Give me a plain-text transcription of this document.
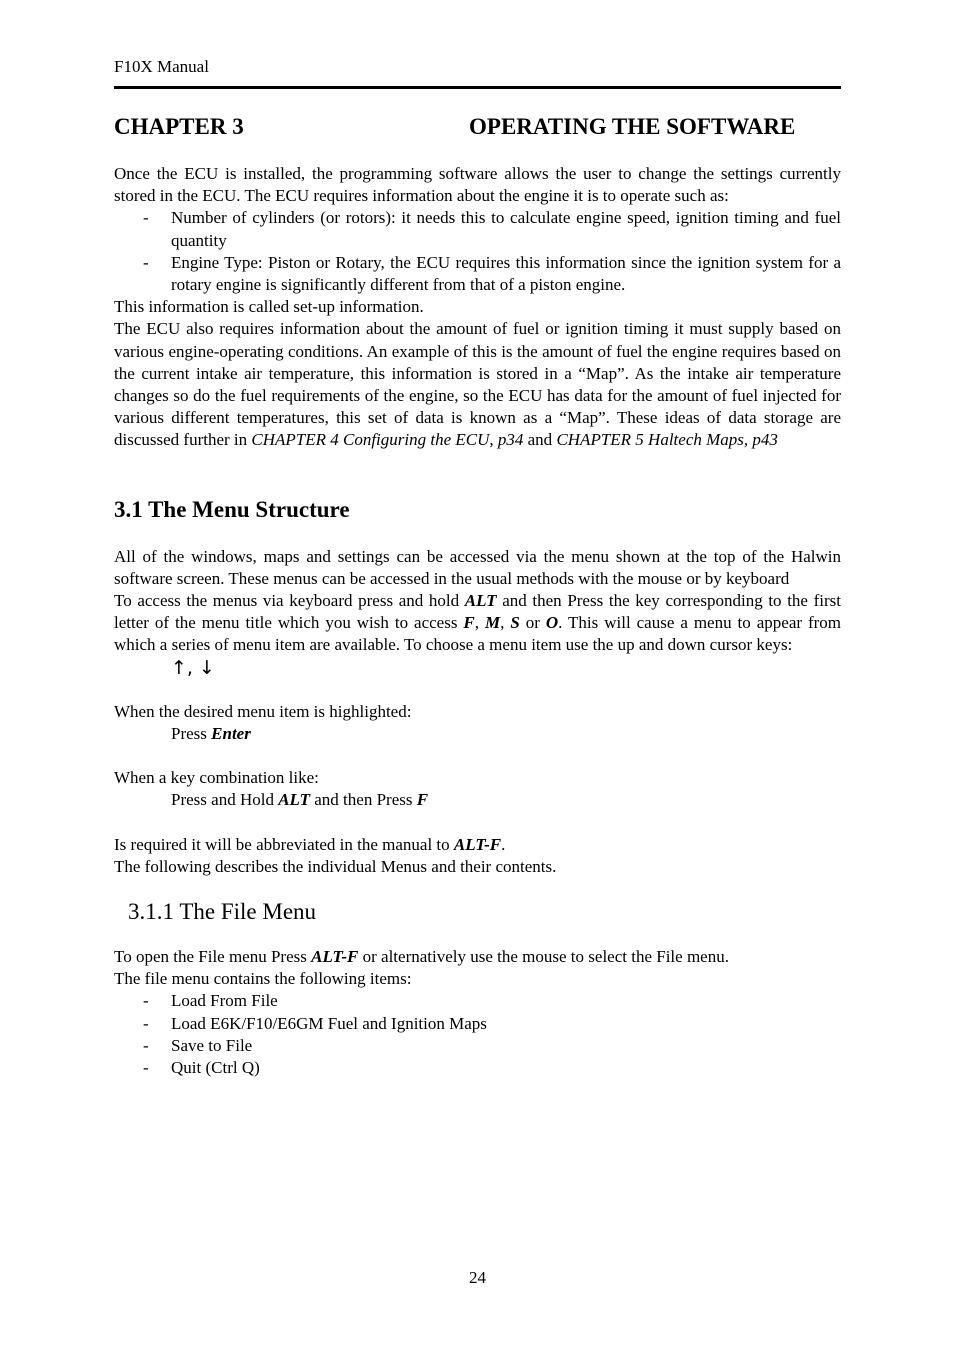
F10X Manual
CHAPTER 3	OPERATING THE SOFTWARE

Once the ECU is installed, the programming software allows the user to change the settings currently stored in the ECU. The ECU requires information about the engine it is to operate such as:

- Number of cylinders (or rotors): it needs this to calculate engine speed, ignition timing and fuel quantity
- Engine Type: Piston or Rotary, the ECU requires this information since the ignition system for a rotary engine is significantly different from that of a piston engine.

This information is called set-up information.

The ECU also requires information about the amount of fuel or ignition timing it must supply based on various engine-operating conditions. An example of this is the amount of fuel the engine requires based on the current intake air temperature, this information is stored in a “Map”. As the intake air temperature changes so do the fuel requirements of the engine, so the ECU has data for the amount of fuel injected for various different temperatures, this set of data is known as a “Map”. These ideas of data storage are discussed further in CHAPTER 4 Configuring the ECU, p34 and CHAPTER 5 Haltech Maps, p43

3.1 The Menu Structure

All of the windows, maps and settings can be accessed via the menu shown at the top of the Halwin software screen. These menus can be accessed in the usual methods with the mouse or by keyboard

To access the menus via keyboard press and hold ALT and then Press the key corresponding to the first letter of the menu title which you wish to access F, M, S or O. This will cause a menu to appear from which a series of menu item are available. To choose a menu item use the up and down cursor keys:

↑, ↓

When the desired menu item is highlighted:

Press Enter

When a key combination like:

Press and Hold ALT and then Press F

Is required it will be abbreviated in the manual to ALT-F.

The following describes the individual Menus and their contents.

3.1.1 The File Menu

To open the File menu Press ALT-F or alternatively use the mouse to select the File menu.

The file menu contains the following items:

- Load From File
- Load E6K/F10/E6GM Fuel and Ignition Maps
- Save to File
- Quit (Ctrl Q)
24
